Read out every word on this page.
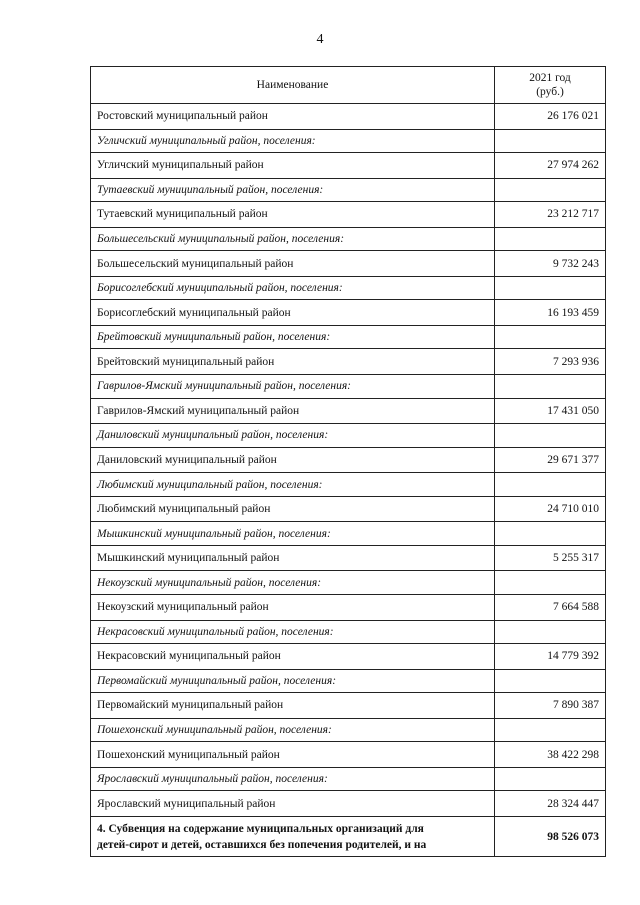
4
Наименование	2021 год
(руб.)
Ростовский муниципальный район	26 176 021
Угличский муниципальный район, поселения:	
Угличский муниципальный район	27 974 262
Тутаевский муниципальный район, поселения:	
Тутаевский муниципальный район	23 212 717
Большесельский муниципальный район, поселения:	
Большесельский муниципальный район	9 732 243
Борисоглебский муниципальный район, поселения:	
Борисоглебский муниципальный район	16 193 459
Брейтовский муниципальный район, поселения:	
Брейтовский муниципальный район	7 293 936
Гаврилов-Ямский муниципальный район, поселения:	
Гаврилов-Ямский муниципальный район	17 431 050
Даниловский муниципальный район, поселения:	
Даниловский муниципальный район	29 671 377
Любимский муниципальный район, поселения:	
Любимский муниципальный район	24 710 010
Мышкинский муниципальный район, поселения:	
Мышкинский муниципальный район	5 255 317
Некоузский муниципальный район, поселения:	
Некоузский муниципальный район	7 664 588
Некрасовский муниципальный район, поселения:	
Некрасовский муниципальный район	14 779 392
Первомайский муниципальный район, поселения:	
Первомайский муниципальный район	7 890 387
Пошехонский муниципальный район, поселения:	
Пошехонский муниципальный район	38 422 298
Ярославский муниципальный район, поселения:	
Ярославский муниципальный район	28 324 447
4. Субвенция на содержание муниципальных организаций для
детей-сирот и детей, оставшихся без попечения родителей, и на	98 526 073
